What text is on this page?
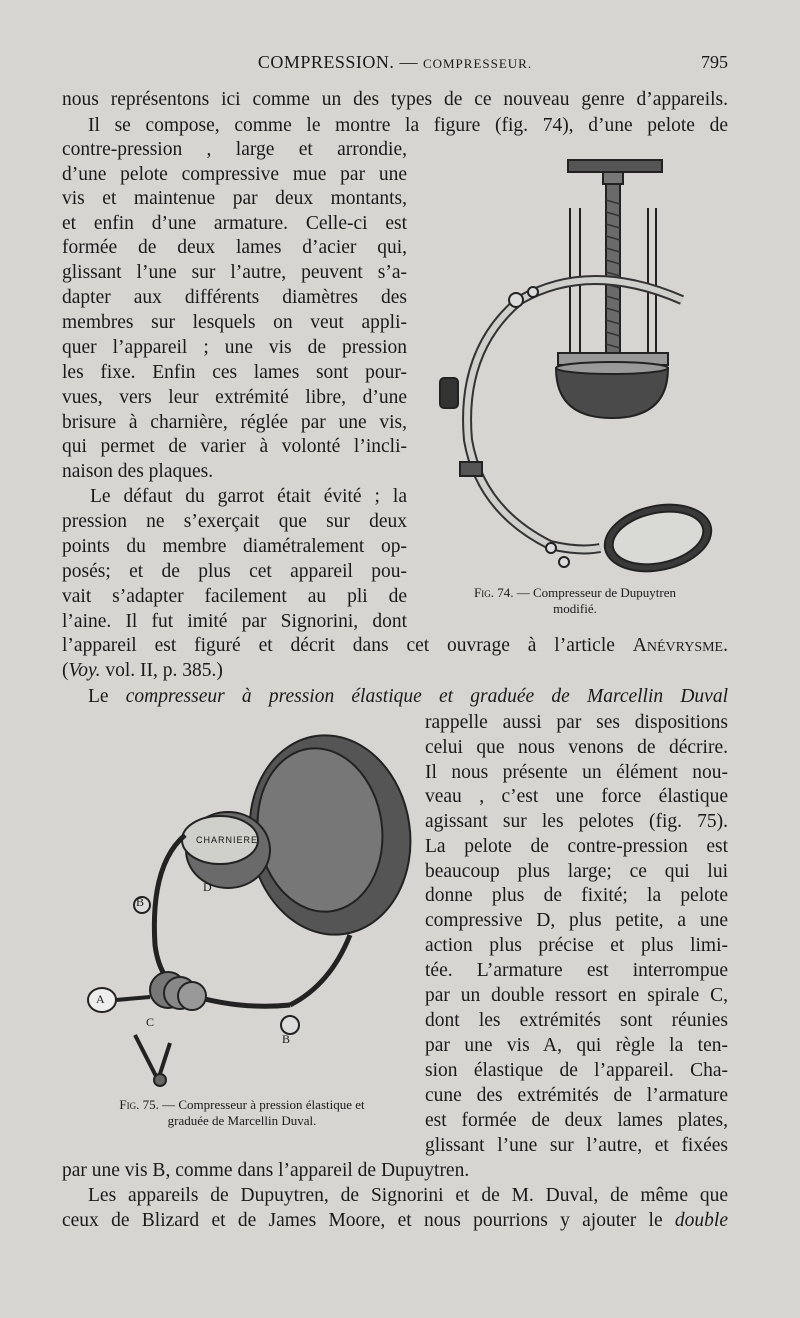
COMPRESSION. — COMPRESSEUR.	795
nous représentons ici comme un des types de ce nouveau genre d’appareils.
Il se compose, comme le montre la figure (fig. 74), d’une pelote de
contre-pression , large et arrondie,
d’une pelote compressive mue par une
vis et maintenue par deux montants,
et enfin d’une armature. Celle-ci est
formée de deux lames d’acier qui,
glissant l’une sur l’autre, peuvent s’a-
dapter aux différents diamètres des
membres sur lesquels on veut appli-
quer l’appareil ; une vis de pression
les fixe. Enfin ces lames sont pour-
vues, vers leur extrémité libre, d’une
brisure à charnière, réglée par une vis,
qui permet de varier à volonté l’incli-
naison des plaques.
Le défaut du garrot était évité ; la
pression ne s’exerçait que sur deux
points du membre diamétralement op-
posés; et de plus cet appareil pou-
vait s’adapter facilement au pli de
l’aine. Il fut imité par Signorini, dont
l’appareil est figuré et décrit dans cet ouvrage à l’article Anévrysme.
(Voy. vol. II, p. 385.)
Le compresseur à pression élastique et graduée de Marcellin Duval
rappelle aussi par ses dispositions
celui que nous venons de décrire.
Il nous présente un élément nou-
veau , c’est une force élastique
agissant sur les pelotes (fig. 75).
La pelote de contre-pression est
beaucoup plus large; ce qui lui
donne plus de fixité; la pelote
compressive D, plus petite, a une
action plus précise et plus limi-
tée. L’armature est interrompue
par un double ressort en spirale C,
dont les extrémités sont réunies
par une vis A, qui règle la ten-
sion élastique de l’appareil. Cha-
cune des extrémités de l’armature
est formée de deux lames plates,
glissant l’une sur l’autre, et fixées
par une vis B, comme dans l’appareil de Dupuytren.
Les appareils de Dupuytren, de Signorini et de M. Duval, de même que
ceux de Blizard et de James Moore, et nous pourrions y ajouter le double
Fig. 74. — Compresseur de Dupuytren
modifié.
CHARNIERE
A
B
B
C
D
Fig. 75. — Compresseur à pression élastique et
graduée de Marcellin Duval.
